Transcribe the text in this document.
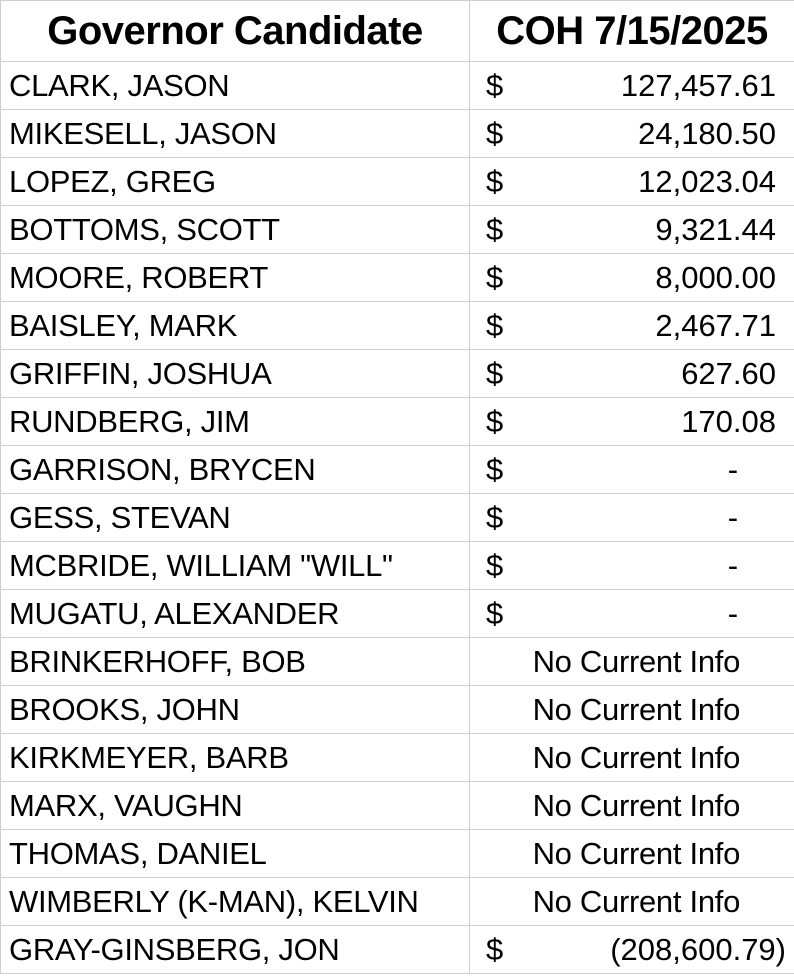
Governor Candidate	COH 7/15/2025	
CLARK, JASON	$	127,457.61
MIKESELL, JASON	$	24,180.50
LOPEZ, GREG	$	12,023.04
BOTTOMS, SCOTT	$	9,321.44
MOORE, ROBERT	$	8,000.00
BAISLEY, MARK	$	2,467.71
GRIFFIN, JOSHUA	$	627.60
RUNDBERG, JIM	$	170.08
GARRISON, BRYCEN	$	-
GESS, STEVAN	$	-
MCBRIDE, WILLIAM "WILL"	$	-
MUGATU, ALEXANDER	$	-
BRINKERHOFF, BOB	No Current Info	
BROOKS, JOHN	No Current Info	
KIRKMEYER, BARB	No Current Info	
MARX, VAUGHN	No Current Info	
THOMAS, DANIEL	No Current Info	
WIMBERLY (K-MAN), KELVIN	No Current Info	
GRAY-GINSBERG, JON	$	(208,600.79)
